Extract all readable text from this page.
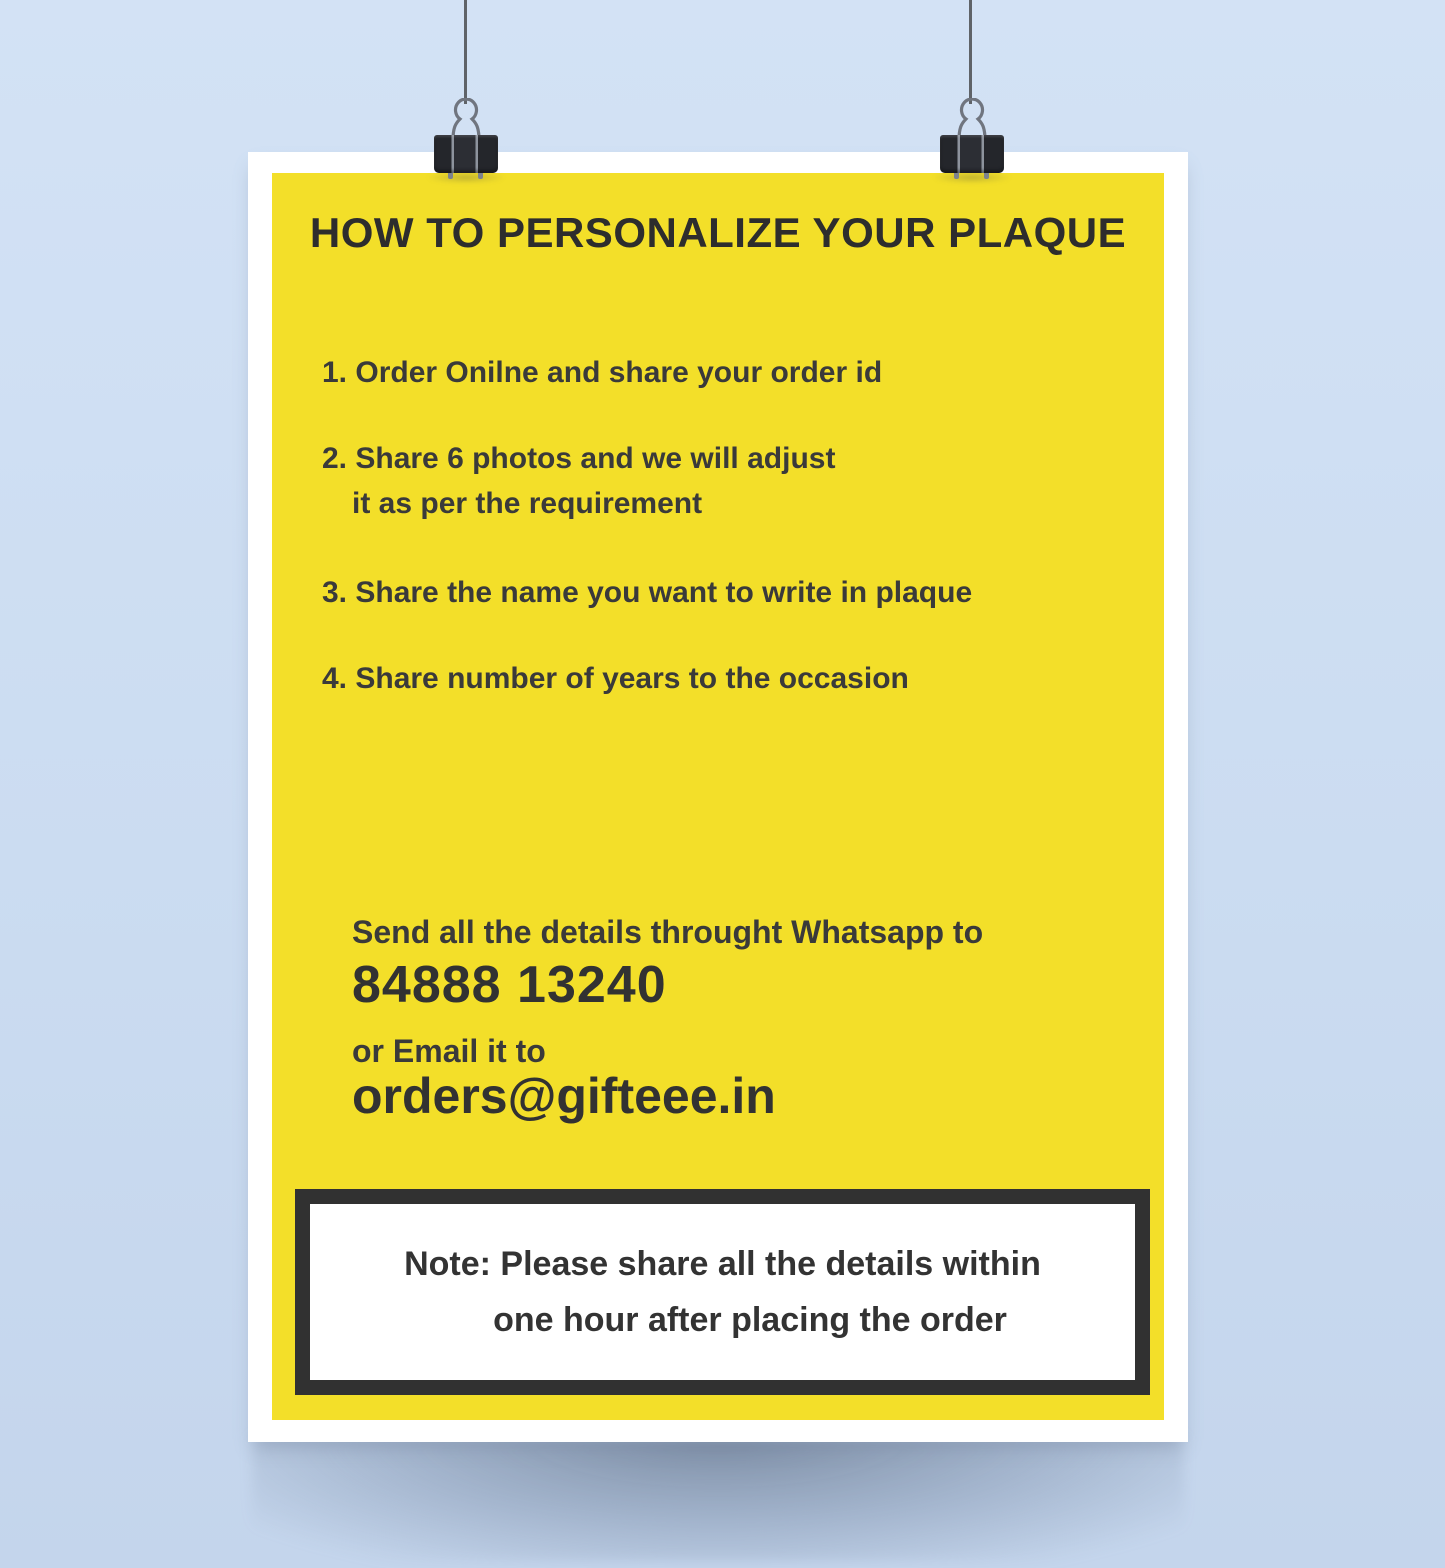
HOW TO PERSONALIZE YOUR PLAQUE

1. Order Onilne and share your order id

2. Share 6 photos and we will adjust
it as per the requirement

3. Share the name you want to write in plaque

4. Share number of years to the occasion

Send all the details throught Whatsapp to

84888 13240

or Email it to

orders@gifteee.in

Note: Please share all the details within
one hour after placing the order
